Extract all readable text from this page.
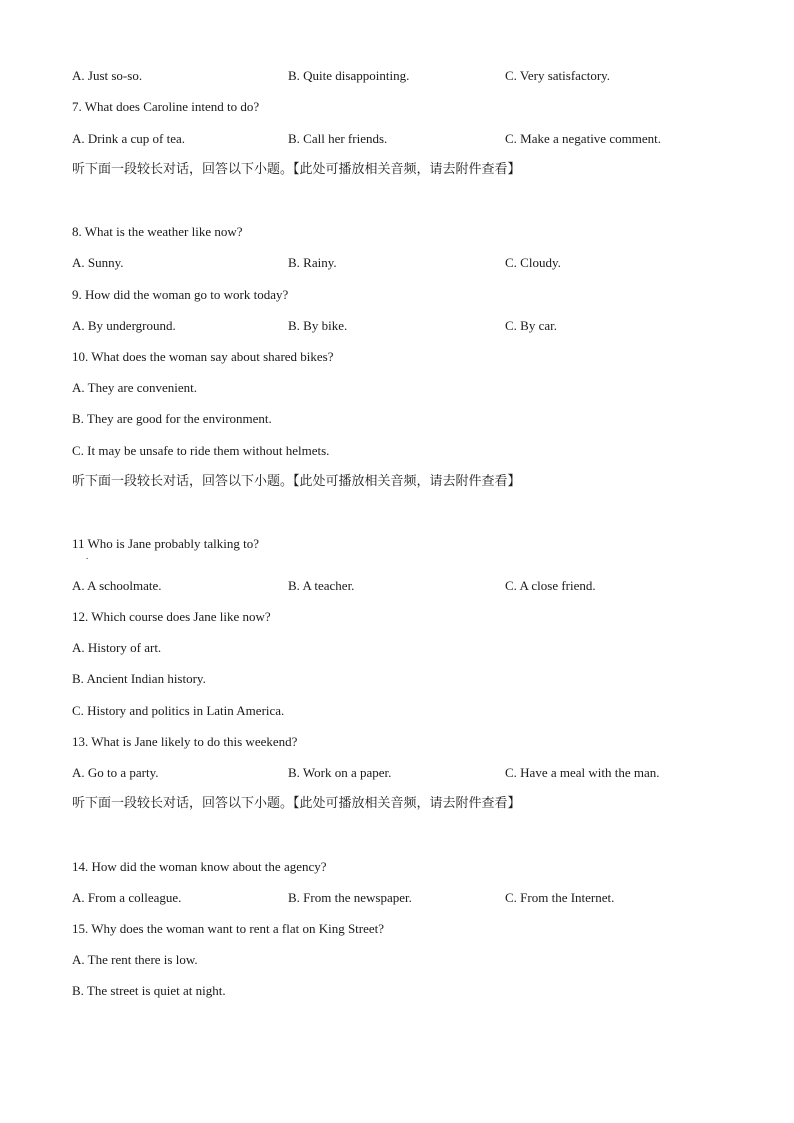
A. Just so-so.	B. Quite disappointing.	C. Very satisfactory.
7. What does Caroline intend to do?
A. Drink a cup of tea.	B. Call her friends.	C. Make a negative comment.
听下面一段较长对话，回答以下小题。【此处可播放相关音频，请去附件查看】
8. What is the weather like now?
A. Sunny.	B. Rainy.	C. Cloudy.
9. How did the woman go to work today?
A. By underground.	B. By bike.	C. By car.
10. What does the woman say about shared bikes?
A. They are convenient.
B. They are good for the environment.
C. It may be unsafe to ride them without helmets.
听下面一段较长对话，回答以下小题。【此处可播放相关音频，请去附件查看】
11 Who is Jane probably talking to?
.
A. A schoolmate.	B. A teacher.	C. A close friend.
12. Which course does Jane like now?
A. History of art.
B. Ancient Indian history.
C. History and politics in Latin America.
13. What is Jane likely to do this weekend?
A. Go to a party.	B. Work on a paper.	C. Have a meal with the man.
听下面一段较长对话，回答以下小题。【此处可播放相关音频，请去附件查看】
14. How did the woman know about the agency?
A. From a colleague.	B. From the newspaper.	C. From the Internet.
15. Why does the woman want to rent a flat on King Street?
A. The rent there is low.
B. The street is quiet at night.
